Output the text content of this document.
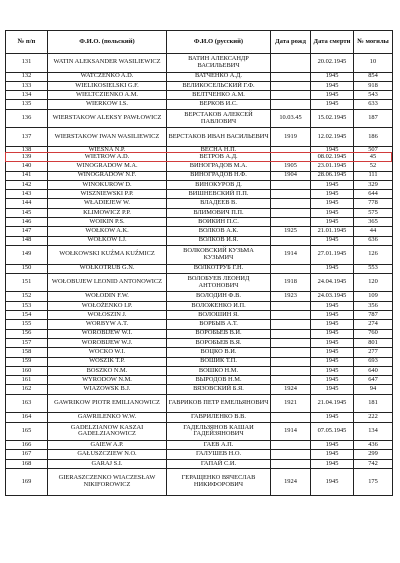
№ п/п	Ф.И.О. (польский)	Ф.И.О (русский)	Дата рожд	Дата смерти	№ могилы
131	WATIN ALEKSANDER WASILIEWICZ	ВАТИН АЛЕКСАНДР ВАСИЛЬЕВИЧ		20.02.1945	10
132	WATCZENKO A.D.	ВАТЧЕНКО А.Д.		1945	854
133	WIELIKOSIELSKI G.F.	ВЕЛИКОСЕЛЬСКИЙ Г.Ф.		1945	918
134	WIELTCZIENKO A.M.	ВЕЛТЧЕНКО А.М.		1945	543
135	WIERKOW I.S.	ВЕРКОВ И.С.		1945	633
136	WIERSTAKOW ALEKSY PAWŁOWICZ	ВЕРСТАКОВ АЛЕКСЕЙ ПАВЛОВИЧ	10.03.45	15.02.1945	187
137	WIERSTAKOW IWAN WASILIEWICZ	ВЕРСТАКОВ ИВАН ВАСИЛЬЕВИЧ	1919	12.02.1945	186
138	WIESNA N.P.	ВЕСНА Н.П.		1945	507
139	WIETROW A.D.	ВЕТРОВ А.Д.		08.02.1945	45
140	WINOGRADOW M.A.	ВИНОГРАДОВ М.А.	1905	23.01.1945	52
141	WINOGRADOW N.F.	ВИНОГРАДОВ Н.Ф.	1904	28.06.1945	111
142	WINOKUROW D.	ВИНОКУРОВ Д.		1945	329
143	WISZNIEWSKI P.P.	ВИШНЕВСКИЙ П.П.		1945	644
144	WŁADIEJEW W.	ВЛАДЕЕВ В.		1945	778
145	KLIMOWICZ P.P.	ВЛИМОВИЧ П.П.		1945	575
146	WOIKIN P.S.	ВОИКИН П.С.		1945	365
147	WOŁKOW A.K.	ВОЛКОВ А.К.	1925	21.01.1945	44
148	WOŁKOW I.J.	ВОЛКОВ И.Я.		1945	636
149	WOŁKOWSKI KUŹMA KUŹMICZ	ВОЛКОВСКИЙ КУЗЬМА КУЗЬМИЧ	1914	27.01.1945	126
150	WOŁKOTRUB G.N.	ВОЛКОТРУБ Г.Н.		1945	553
151	WOŁOBUJEW LEONID ANTONOWICZ	ВОЛОБУЕВ ЛЕОНИД АНТОНОВИЧ	1918	24.04.1945	120
152	WOŁODIN F.W.	ВОЛОДИН Ф.В.	1923	24.03.1945	109
153	WOŁOŻENKO I.P.	ВОЛОЖЕНКО И.П.		1945	356
154	WOŁOSZIN J.	ВОЛОШИН Я.		1945	787
155	WORBYW A.T.	ВОРБЫВ А.Т.		1945	274
156	WOROBIJEW W.I.	ВОРОБЬЕВ В.И.		1945	760
157	WOROBIJEW W.J.	ВОРОБЬЕВ В.Я.		1945	801
158	WOCKO W.I.	ВОЦКО В.И.		1945	277
159	WOSZIK T.P.	ВОШИК Т.П.		1945	693
160	BOSZKO N.M.	ВОШКО Н.М.		1945	640
161	WYRODOW N.M.	ВЫРОДОВ Н.М.		1945	647
162	WIAZOWSK B.J.	ВЯЗОВСКИЙ Б.Я.	1924	1945	94
163	GAWRIKOW PIOTR EMILIANOWICZ	ГАВРИКОВ ПЕТР ЕМЕЛЬЯНОВИЧ	1921	21.04.1945	181
164	GAWRILENKO W.W.	ГАВРИЛЕНКО В.В.		1945	222
165	GADELZIANOW KASZAI GADELZIANOWICZ	ГАДЕЛЬЗЯНОВ КАШАИ ГАДЕЙЗЯНОВИЧ	1914	07.05.1945	134
166	GAIEW A.P.	ГАЕВ А.П.		1945	436
167	GAŁUSZCZIEW N.O.	ГАЛУШЕВ Н.О.		1945	299
168	GARAJ S.I.	ГАПАЙ С.И.		1945	742
169	GIERASZCZENKO WIACZESŁAW NIKIFOROWICZ	ГЕРАЩЕНКО ВЯЧЕСЛАВ НИКИФОРОВИЧ	1924	1945	175
